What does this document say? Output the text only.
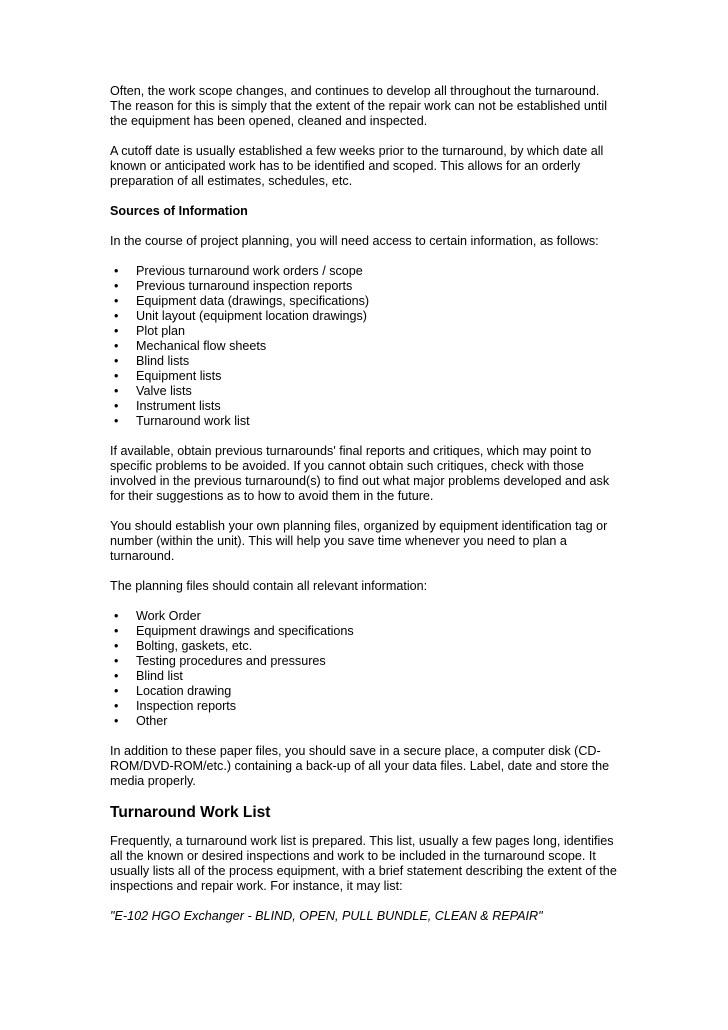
Often, the work scope changes, and continues to develop all throughout the turnaround. The reason for this is simply that the extent of the repair work can not be established until the equipment has been opened, cleaned and inspected.

A cutoff date is usually established a few weeks prior to the turnaround, by which date all known or anticipated work has to be identified and scoped. This allows for an orderly preparation of all estimates, schedules, etc.

Sources of Information

In the course of project planning, you will need access to certain information, as follows:

• Previous turnaround work orders / scope
• Previous turnaround inspection reports
• Equipment data (drawings, specifications)
• Unit layout (equipment location drawings)
• Plot plan
• Mechanical flow sheets
• Blind lists
• Equipment lists
• Valve lists
• Instrument lists
• Turnaround work list

If available, obtain previous turnarounds' final reports and critiques, which may point to specific problems to be avoided. If you cannot obtain such critiques, check with those involved in the previous turnaround(s) to find out what major problems developed and ask for their suggestions as to how to avoid them in the future.

You should establish your own planning files, organized by equipment identification tag or number (within the unit). This will help you save time whenever you need to plan a turnaround.

The planning files should contain all relevant information:

• Work Order
• Equipment drawings and specifications
• Bolting, gaskets, etc.
• Testing procedures and pressures
• Blind list
• Location drawing
• Inspection reports
• Other

In addition to these paper files, you should save in a secure place, a computer disk (CD-ROM/DVD-ROM/etc.) containing a back-up of all your data files. Label, date and store the media properly.

Turnaround Work List

Frequently, a turnaround work list is prepared. This list, usually a few pages long, identifies all the known or desired inspections and work to be included in the turnaround scope. It usually lists all of the process equipment, with a brief statement describing the extent of the inspections and repair work. For instance, it may list:

"E-102 HGO Exchanger - BLIND, OPEN, PULL BUNDLE, CLEAN & REPAIR"
